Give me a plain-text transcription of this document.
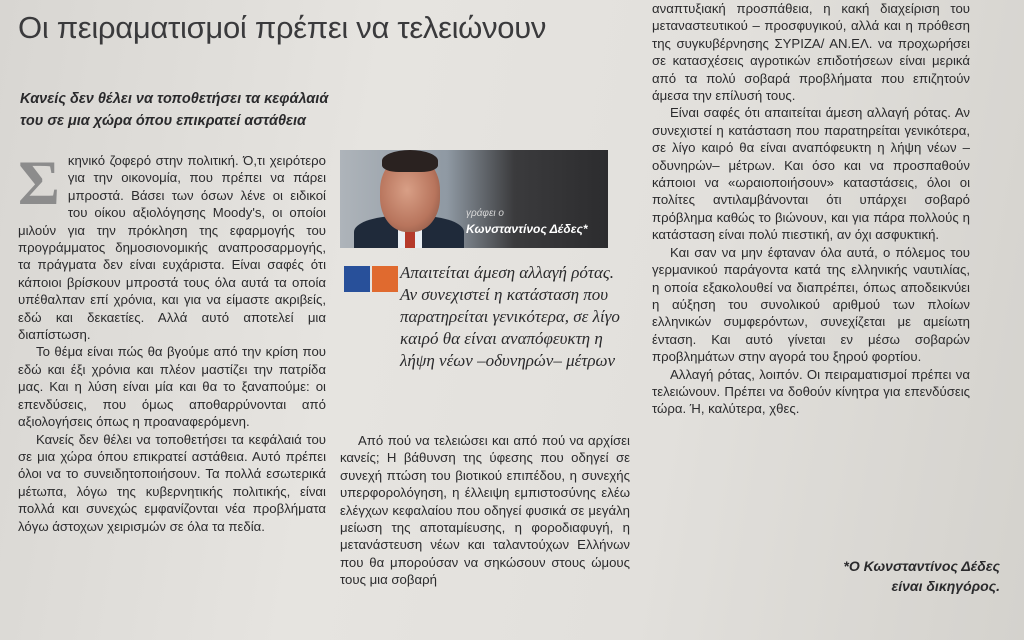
Οι πειραματισμοί πρέπει να τελειώνουν
Κανείς δεν θέλει να τοποθετήσει τα κεφάλαιά του σε μια χώρα όπου επικρατεί αστάθεια
Σ κηνικό ζοφερό στην πολιτική. Ό,τι χειρότερο για την οικονομία, που πρέπει να πάρει μπροστά. Βάσει των όσων λένε οι ειδικοί του οίκου αξιολόγησης Moody's, οι οποίοι μιλούν για την πρόκληση της εφαρμογής του προγράμματος δημοσιονομικής αναπροσαρμογής, τα πράγματα δεν είναι ευχάριστα. Είναι σαφές ότι κάποιοι βρίσκουν μπροστά τους όλα αυτά τα οποία υπέθαλπαν επί χρόνια, και για να είμαστε ακριβείς, εδώ και δεκαετίες. Αλλά αυτό αποτελεί μια διαπίστωση.

Το θέμα είναι πώς θα βγούμε από την κρίση που εδώ και έξι χρόνια και πλέον μαστίζει την πατρίδα μας. Και η λύση είναι μία και θα το ξαναπούμε: οι επενδύσεις, που όμως αποθαρρύνονται από αξιολογήσεις όπως η προαναφερόμενη.

Κανείς δεν θέλει να τοποθετήσει τα κεφάλαιά του σε μια χώρα όπου επικρατεί αστάθεια. Αυτό πρέπει όλοι να το συνειδητοποιήσουν. Τα πολλά εσωτερικά μέτωπα, λόγω της κυβερνητικής πολιτικής, είναι πολλά και συνεχώς εμφανίζονται νέα προβλήματα λόγω άστοχων χειρισμών σε όλα τα πεδία.

γράφει ο
Κωνσταντίνος Δέδες*
Απαιτείται άμεση αλλαγή ρότας. Αν συνεχιστεί η κατάσταση που παρατηρείται γενικότερα, σε λίγο καιρό θα είναι αναπόφευκτη η λήψη νέων –οδυνηρών– μέτρων

Από πού να τελειώσει και από πού να αρχίσει κανείς; Η βάθυνση της ύφεσης που οδηγεί σε συνεχή πτώση του βιοτικού επιπέδου, η συνεχής υπερφορολόγηση, η έλλειψη εμπιστοσύνης ελέω ελέγχων κεφαλαίου που οδηγεί φυσικά σε μεγάλη μείωση της αποταμίευσης, η φοροδιαφυγή, η μετανάστευση νέων και ταλαντούχων Ελλήνων που θα μπορούσαν να σηκώσουν στους ώμους τους μια σοβαρή

αναπτυξιακή προσπάθεια, η κακή διαχείριση του μεταναστευτικού – προσφυγικού, αλλά και η πρόθεση της συγκυβέρνησης ΣΥΡΙΖΑ/ ΑΝ.ΕΛ. να προχωρήσει σε κατασχέσεις αγροτικών επιδοτήσεων είναι μερικά από τα πολύ σοβαρά προβλήματα που επιζητούν άμεσα την επίλυσή τους.

Είναι σαφές ότι απαιτείται άμεση αλλαγή ρότας. Αν συνεχιστεί η κατάσταση που παρατηρείται γενικότερα, σε λίγο καιρό θα είναι αναπόφευκτη η λήψη νέων –οδυνηρών– μέτρων. Και όσο και να προσπαθούν κάποιοι να «ωραιοποιήσουν» καταστάσεις, όλοι οι πολίτες αντιλαμβάνονται ότι υπάρχει σοβαρό πρόβλημα καθώς το βιώνουν, και για πάρα πολλούς η κατάσταση είναι πολύ πιεστική, αν όχι ασφυκτική.

Και σαν να μην έφταναν όλα αυτά, ο πόλεμος του γερμανικού παράγοντα κατά της ελληνικής ναυτιλίας, η οποία εξακολουθεί να διαπρέπει, όπως αποδεικνύει η αύξηση του συνολικού αριθμού των πλοίων ελληνικών συμφερόντων, συνεχίζεται με αμείωτη ένταση. Και αυτό γίνεται εν μέσω σοβαρών προβλημάτων στην αγορά του ξηρού φορτίου.

Αλλαγή ρότας, λοιπόν. Οι πειραματισμοί πρέπει να τελειώνουν. Πρέπει να δοθούν κίνητρα για επενδύσεις τώρα. Ή, καλύτερα, χθες.

*Ο Κωνσταντίνος Δέδες
είναι δικηγόρος.
